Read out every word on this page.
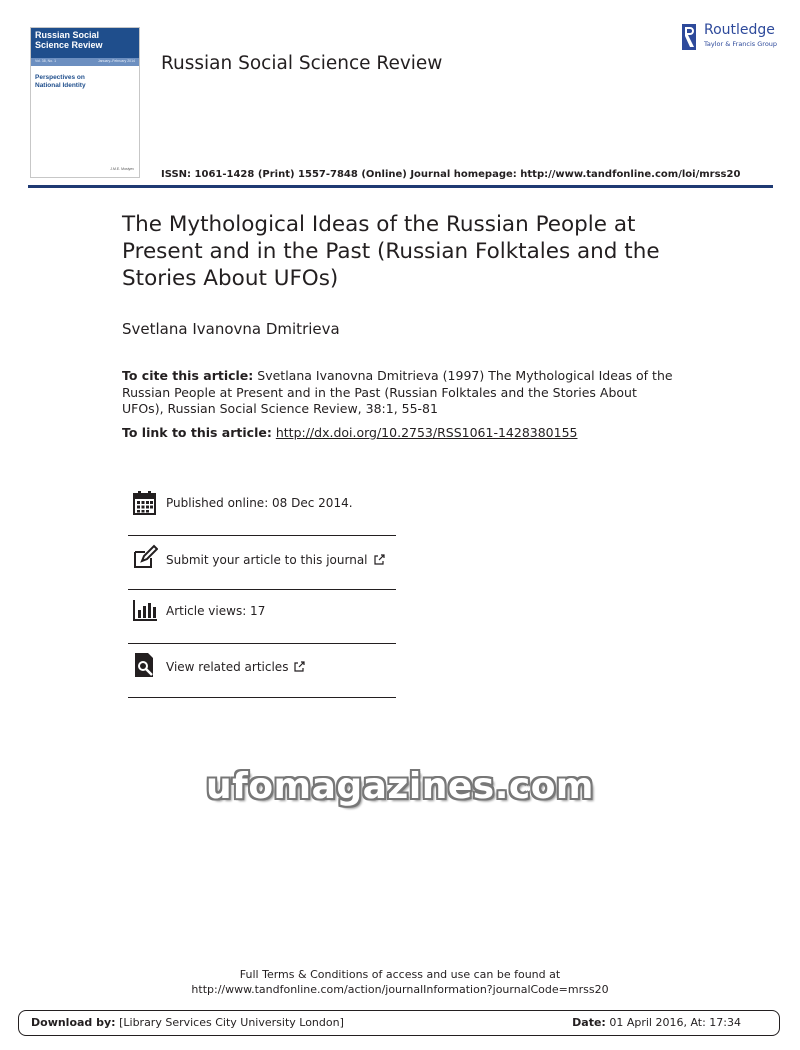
Russian Social
Science Review
Vol. 38, No. 1	January–February 2014
Perspectives on
National Identity
J.M.E. Mosiyev
Russian Social Science Review
Routledge
Taylor & Francis Group
ISSN: 1061-1428 (Print) 1557-7848 (Online) Journal homepage: http://www.tandfonline.com/loi/mrss20
The Mythological Ideas of the Russian People at Present and in the Past (Russian Folktales and the Stories About UFOs)
Svetlana Ivanovna Dmitrieva
To cite this article: Svetlana Ivanovna Dmitrieva (1997) The Mythological Ideas of the Russian People at Present and in the Past (Russian Folktales and the Stories About UFOs), Russian Social Science Review, 38:1, 55-81
To link to this article: http://dx.doi.org/10.2753/RSS1061-1428380155
Published online: 08 Dec 2014.
Submit your article to this journal
Article views: 17
View related articles
ufomagazines.com
Full Terms & Conditions of access and use can be found at
http://www.tandfonline.com/action/journalInformation?journalCode=mrss20
Download by: [Library Services City University London]	Date: 01 April 2016, At: 17:34
